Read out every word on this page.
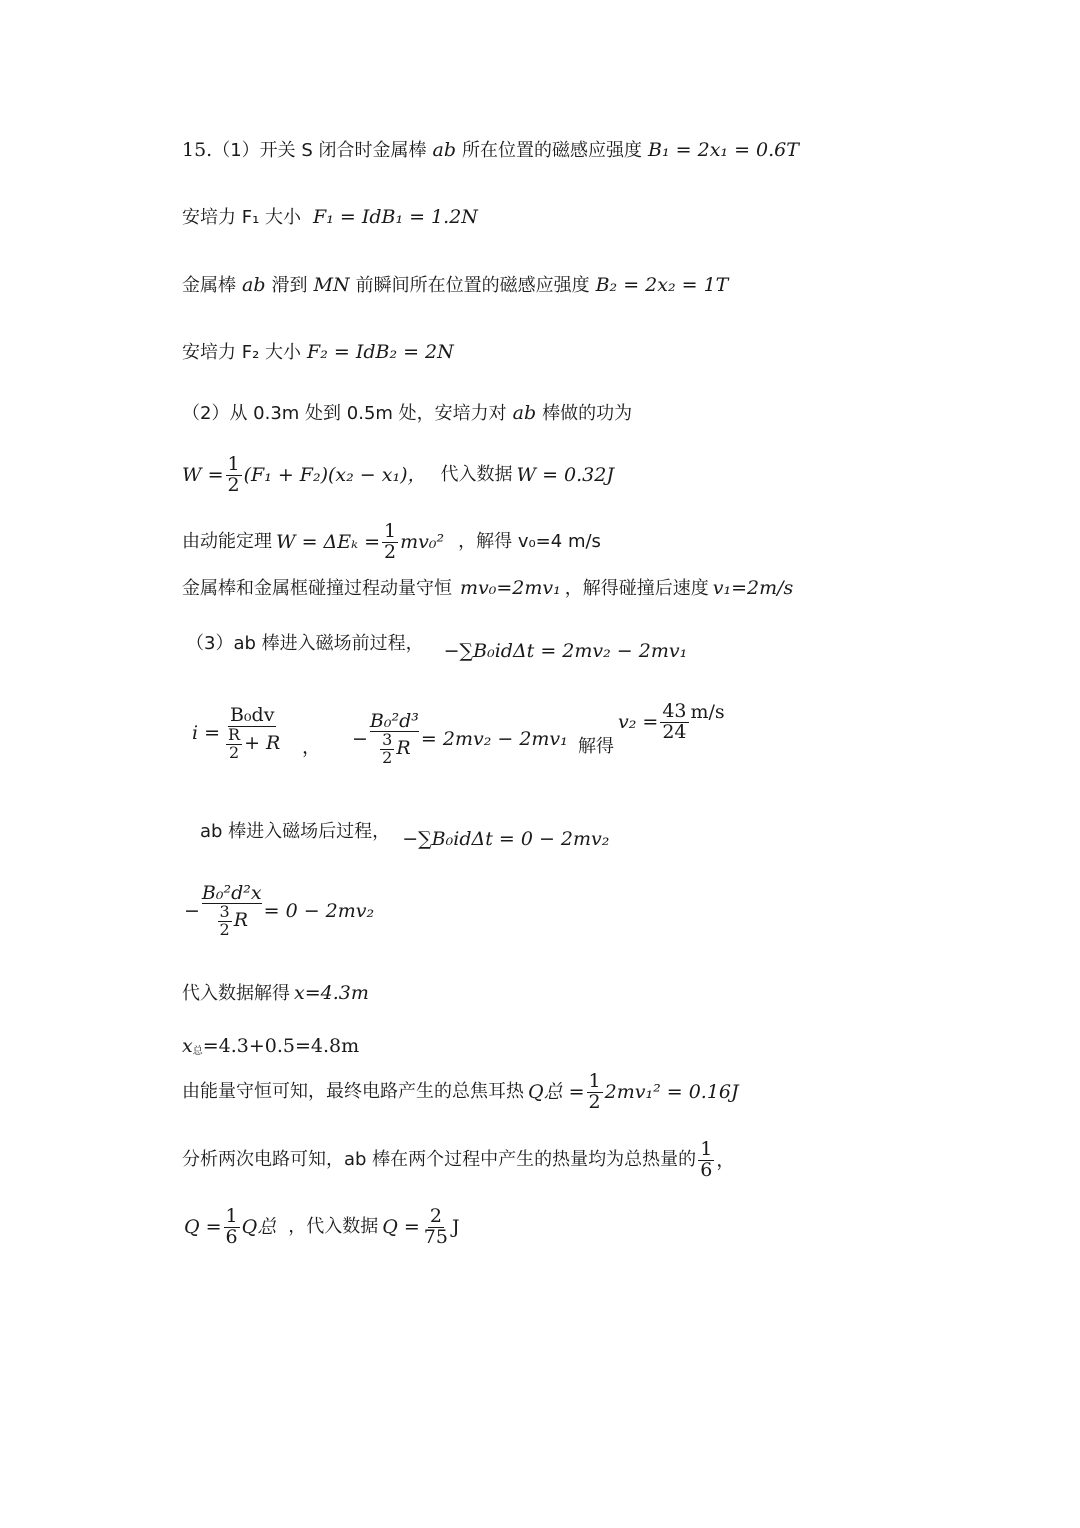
15. （1）开关 S 闭合时金属棒 ab 所在位置的磁感应强度 B₁ = 2x₁ = 0.6T
安培力 F₁ 大小 F₁ = IdB₁ = 1.2N
金属棒 ab 滑到 MN 前瞬间所在位置的磁感应强度 B₂ = 2x₂ = 1T
安培力 F₂ 大小 F₂ = IdB₂ = 2N
（2）从 0.3m 处到 0.5m 处，安培力对 ab 棒做的功为
$W = \frac{1}{2} (F_1 + F_2)(x_2 - x_1)$， 代入数据 W = 0.32J
由动能定理 $W = \Delta E_k = \frac{1}{2} mv_0^2$ ，解得 v₀=4 m/s
金属棒和金属框碰撞过程动量守恒 mv₀=2mv₁ ，解得碰撞后速度 v₁=2m/s
（3）ab 棒进入磁场前过程， −∑B₀idΔt = 2mv₂ − 2mv₁
$i = \frac{\text{B₀dv}}{\frac{R}{2} + R}$ ， − $\frac{\text{B₀²d³}}{\frac{3}{2} R} = 2mv_2 - 2mv_1$ 解得
$v_2 = \frac{43}{24} m/s$
ab 棒进入磁场后过程， −∑B₀idΔt = 0 − 2mv₂
− $\frac{\text{B₀²d²x}}{\frac{3}{2} R} = 0 - 2mv_2$
代入数据解得 x=4.3m
x 总 =4.3+0.5=4.8m
由能量守恒可知，最终电路产生的总焦耳热 Q总 = $\frac{1}{2} 2mv_1^2 = 0.16J$
分析两次电路可知，ab 棒在两个过程中产生的热量均为总热量的 $\frac{1}{6}$ ，
$Q = \frac{1}{6}$ Q总 ，代入数据 $Q = \frac{2}{75}$ J
